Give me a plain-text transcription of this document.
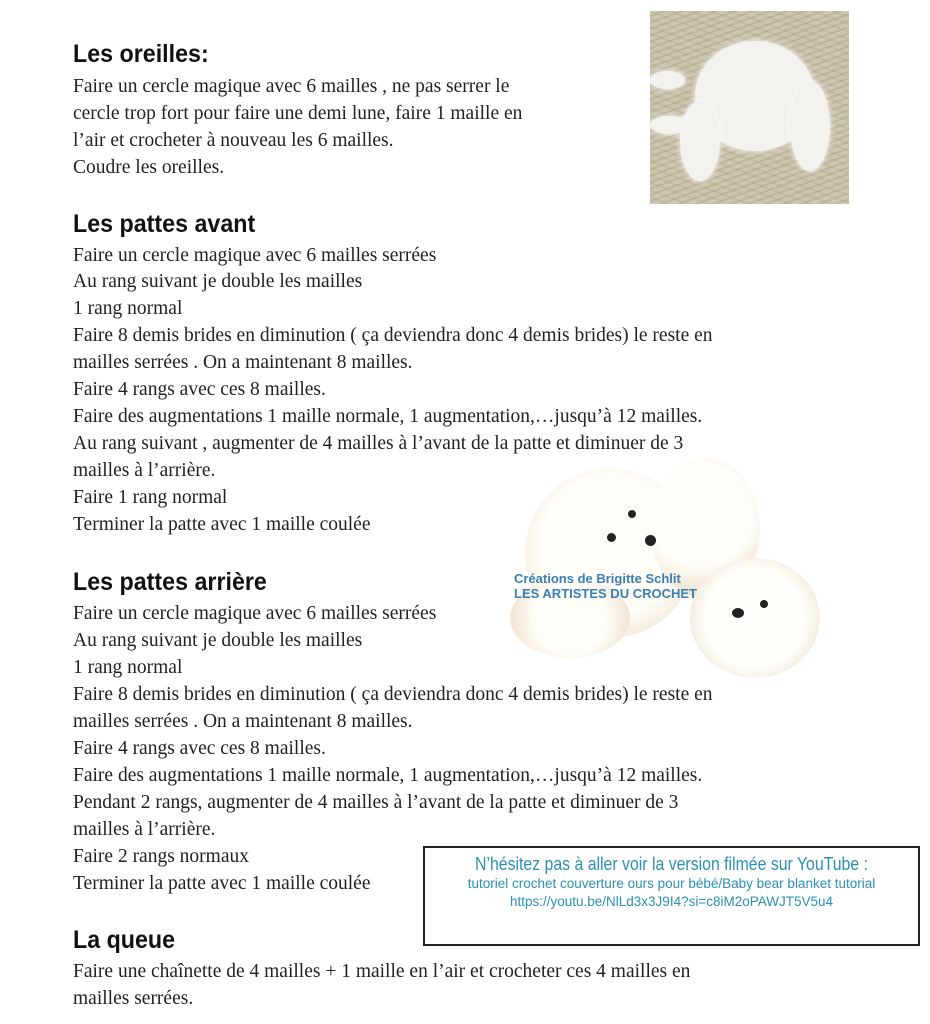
Les oreilles:

Faire un cercle magique avec 6 mailles , ne pas serrer le

cercle trop fort pour faire une demi lune, faire 1 maille en

l’air et crocheter à nouveau les 6 mailles.

Coudre les oreilles.

Les pattes avant

Faire un cercle magique avec 6 mailles serrées

Au rang suivant je double les mailles

1 rang normal

Faire 8 demis brides en diminution ( ça deviendra donc 4 demis brides) le reste en

mailles serrées . On a maintenant 8 mailles.

Faire 4 rangs avec ces 8 mailles.

Faire des augmentations 1 maille normale, 1 augmentation,…jusqu’à 12 mailles.

Au rang suivant , augmenter de 4 mailles à l’avant de la patte et diminuer de 3

mailles à l’arrière.

Faire 1 rang normal

Terminer la patte avec 1 maille coulée

Créations de Brigitte Schlit
LES ARTISTES DU CROCHET
Les pattes arrière

Faire un cercle magique avec 6 mailles serrées

Au rang suivant je double les mailles

1 rang normal

Faire 8 demis brides en diminution ( ça deviendra donc 4 demis brides) le reste en

mailles serrées . On a maintenant 8 mailles.

Faire 4 rangs avec ces 8 mailles.

Faire des augmentations 1 maille normale, 1 augmentation,…jusqu’à 12 mailles.

Pendant 2 rangs, augmenter de 4 mailles à l’avant de la patte et diminuer de 3

mailles à l’arrière.

Faire 2 rangs normaux

Terminer la patte avec 1 maille coulée

N’hésitez pas à aller voir la version filmée sur YouTube :
tutoriel crochet couverture ours pour bébé/Baby bear blanket tutorial
https://youtu.be/NlLd3x3J9I4?si=c8iM2oPAWJT5V5u4
La queue

Faire une chaînette de 4 mailles + 1 maille en l’air et crocheter ces 4 mailles en

mailles serrées.
